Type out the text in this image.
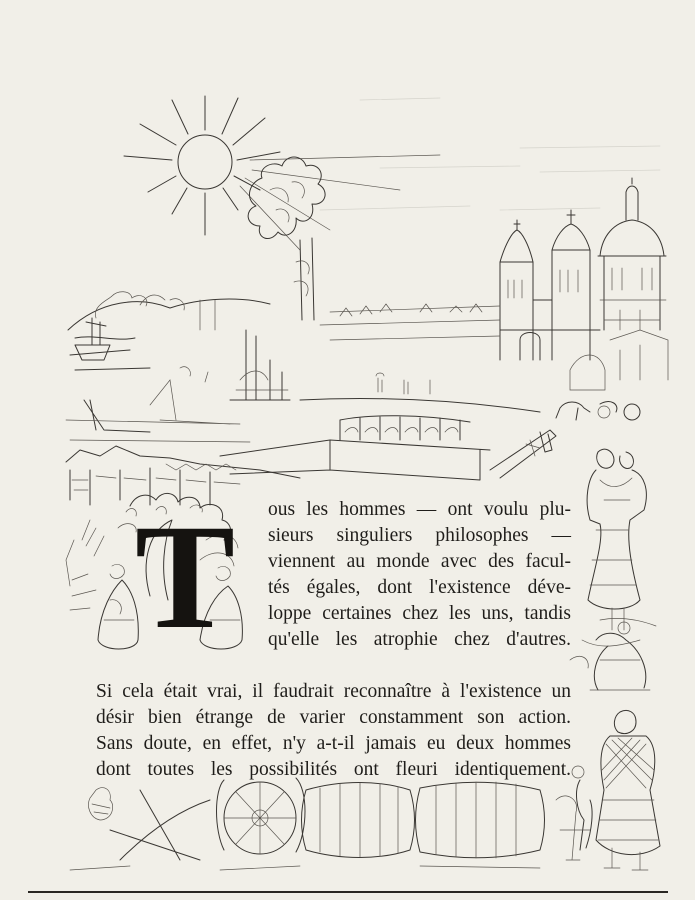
T ous les hommes — ont voulu plu-
sieurs singuliers philosophes —
viennent au monde avec des facul-
tés égales, dont l'existence déve-
loppe certaines chez les uns, tandis
qu'elle les atrophie chez d'autres.
Si cela était vrai, il faudrait reconnaître à l'existence un
désir bien étrange de varier constamment son action.
Sans doute, en effet, n'y a-t-il jamais eu deux hommes
dont toutes les possibilités ont fleuri identiquement.
